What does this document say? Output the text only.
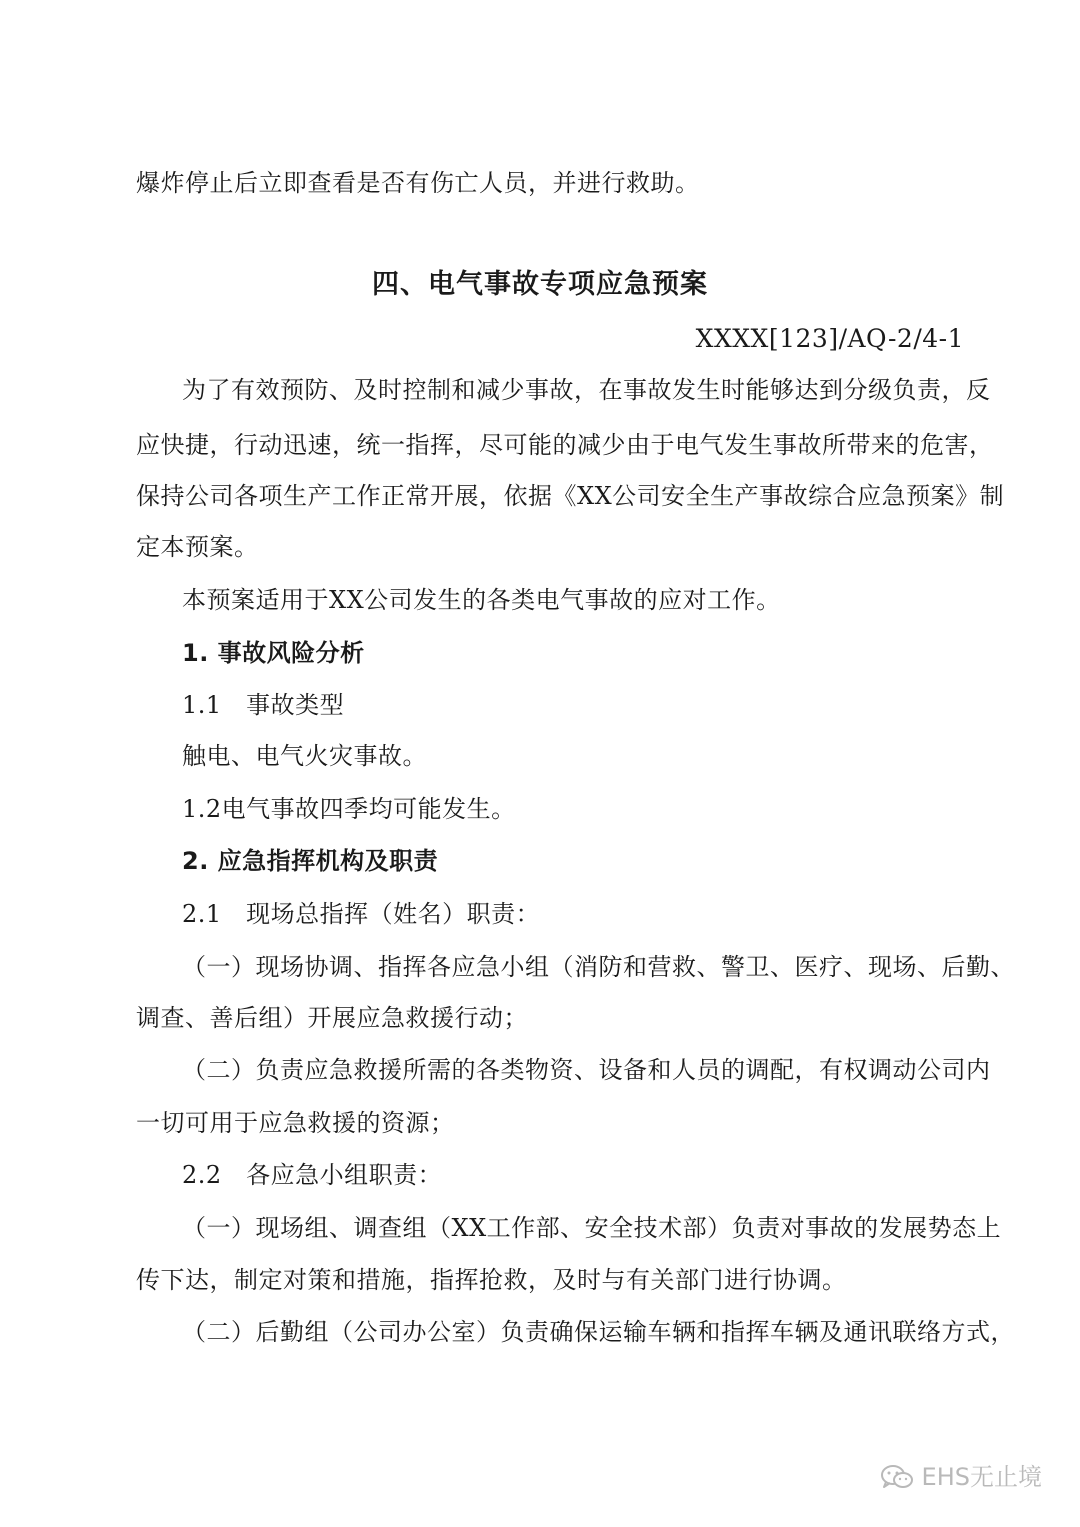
爆炸停止后立即查看是否有伤亡人员，并进行救助。
四、电气事故专项应急预案
XXXX[123]/AQ-2/4-1
为了有效预防、及时控制和减少事故，在事故发生时能够达到分级负责，反
应快捷，行动迅速，统一指挥，尽可能的减少由于电气发生事故所带来的危害，
保持公司各项生产工作正常开展，依据《XX公司安全生产事故综合应急预案》制
定本预案。
本预案适用于XX公司发生的各类电气事故的应对工作。
1. 事故风险分析
1.1　事故类型
触电、电气火灾事故。
1.2电气事故四季均可能发生。
2. 应急指挥机构及职责
2.1　现场总指挥（姓名）职责：
（一）现场协调、指挥各应急小组（消防和营救、警卫、医疗、现场、后勤、
调查、善后组）开展应急救援行动；
（二）负责应急救援所需的各类物资、设备和人员的调配，有权调动公司内
一切可用于应急救援的资源；
2.2　各应急小组职责：
（一）现场组、调查组（XX工作部、安全技术部）负责对事故的发展势态上
传下达，制定对策和措施，指挥抢救，及时与有关部门进行协调。
（二）后勤组（公司办公室）负责确保运输车辆和指挥车辆及通讯联络方式，
EHS无止境
